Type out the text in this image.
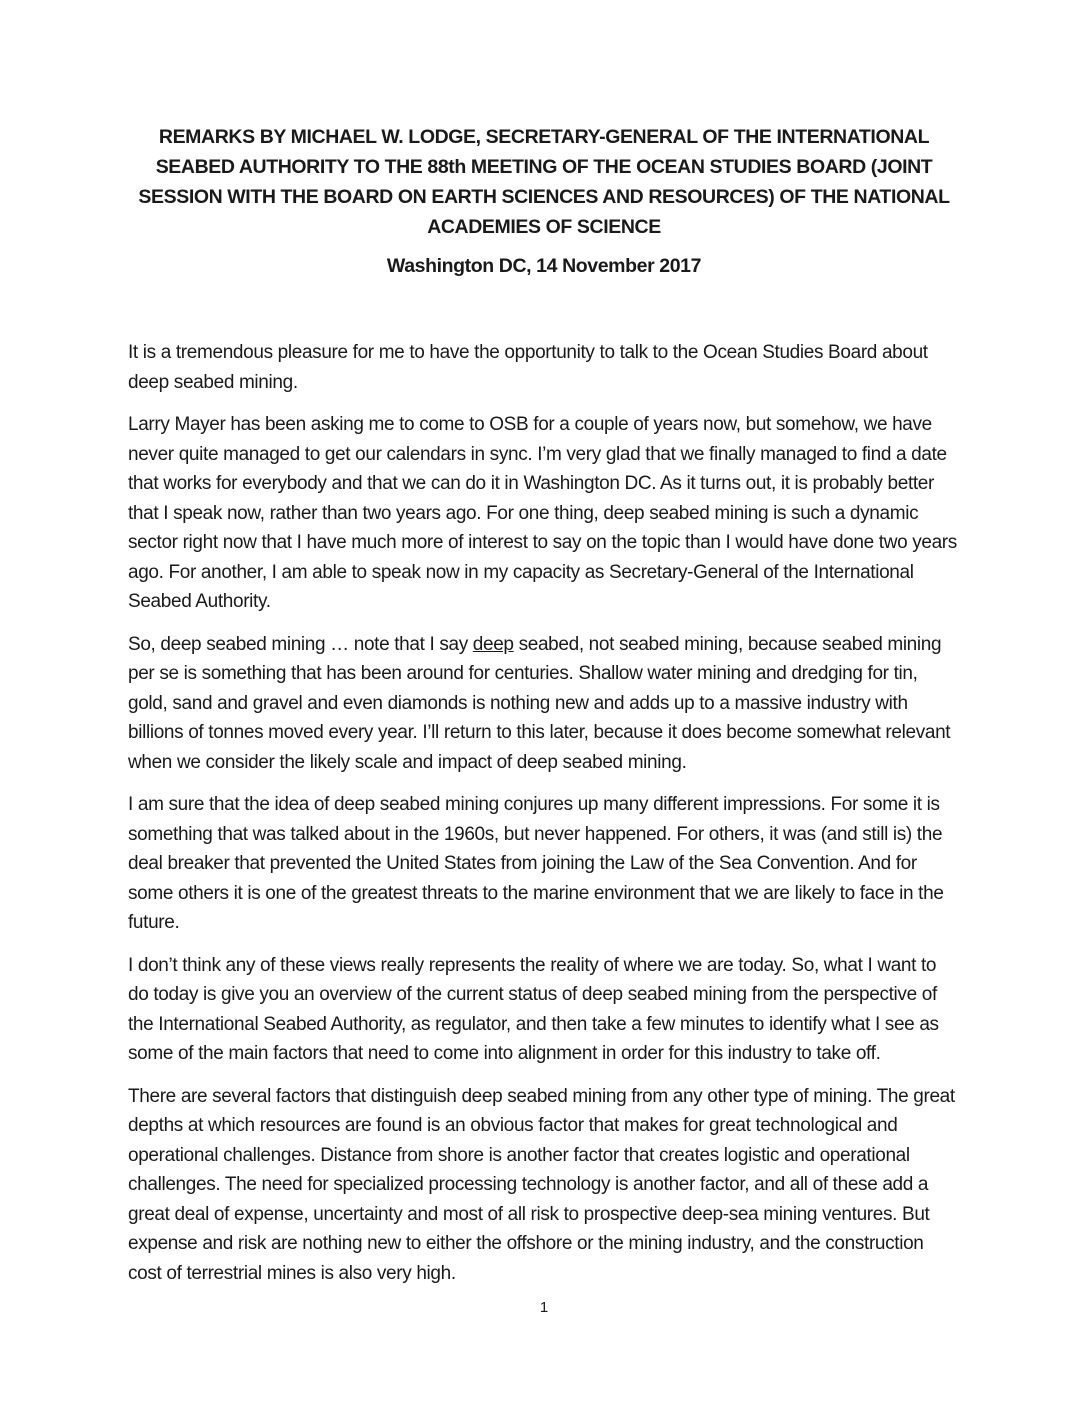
REMARKS BY MICHAEL W. LODGE, SECRETARY-GENERAL OF THE INTERNATIONAL SEABED AUTHORITY TO THE 88th MEETING OF THE OCEAN STUDIES BOARD (JOINT SESSION WITH THE BOARD ON EARTH SCIENCES AND RESOURCES) OF THE NATIONAL ACADEMIES OF SCIENCE
Washington DC, 14 November 2017

It is a tremendous pleasure for me to have the opportunity to talk to the Ocean Studies Board about deep seabed mining.

Larry Mayer has been asking me to come to OSB for a couple of years now, but somehow, we have never quite managed to get our calendars in sync. I’m very glad that we finally managed to find a date that works for everybody and that we can do it in Washington DC. As it turns out, it is probably better that I speak now, rather than two years ago. For one thing, deep seabed mining is such a dynamic sector right now that I have much more of interest to say on the topic than I would have done two years ago. For another, I am able to speak now in my capacity as Secretary-General of the International Seabed Authority.

So, deep seabed mining … note that I say deep seabed, not seabed mining, because seabed mining per se is something that has been around for centuries. Shallow water mining and dredging for tin, gold, sand and gravel and even diamonds is nothing new and adds up to a massive industry with billions of tonnes moved every year. I’ll return to this later, because it does become somewhat relevant when we consider the likely scale and impact of deep seabed mining.

I am sure that the idea of deep seabed mining conjures up many different impressions. For some it is something that was talked about in the 1960s, but never happened. For others, it was (and still is) the deal breaker that prevented the United States from joining the Law of the Sea Convention. And for some others it is one of the greatest threats to the marine environment that we are likely to face in the future.

I don’t think any of these views really represents the reality of where we are today. So, what I want to do today is give you an overview of the current status of deep seabed mining from the perspective of the International Seabed Authority, as regulator, and then take a few minutes to identify what I see as some of the main factors that need to come into alignment in order for this industry to take off.

There are several factors that distinguish deep seabed mining from any other type of mining. The great depths at which resources are found is an obvious factor that makes for great technological and operational challenges. Distance from shore is another factor that creates logistic and operational challenges. The need for specialized processing technology is another factor, and all of these add a great deal of expense, uncertainty and most of all risk to prospective deep-sea mining ventures. But expense and risk are nothing new to either the offshore or the mining industry, and the construction cost of terrestrial mines is also very high.

1
